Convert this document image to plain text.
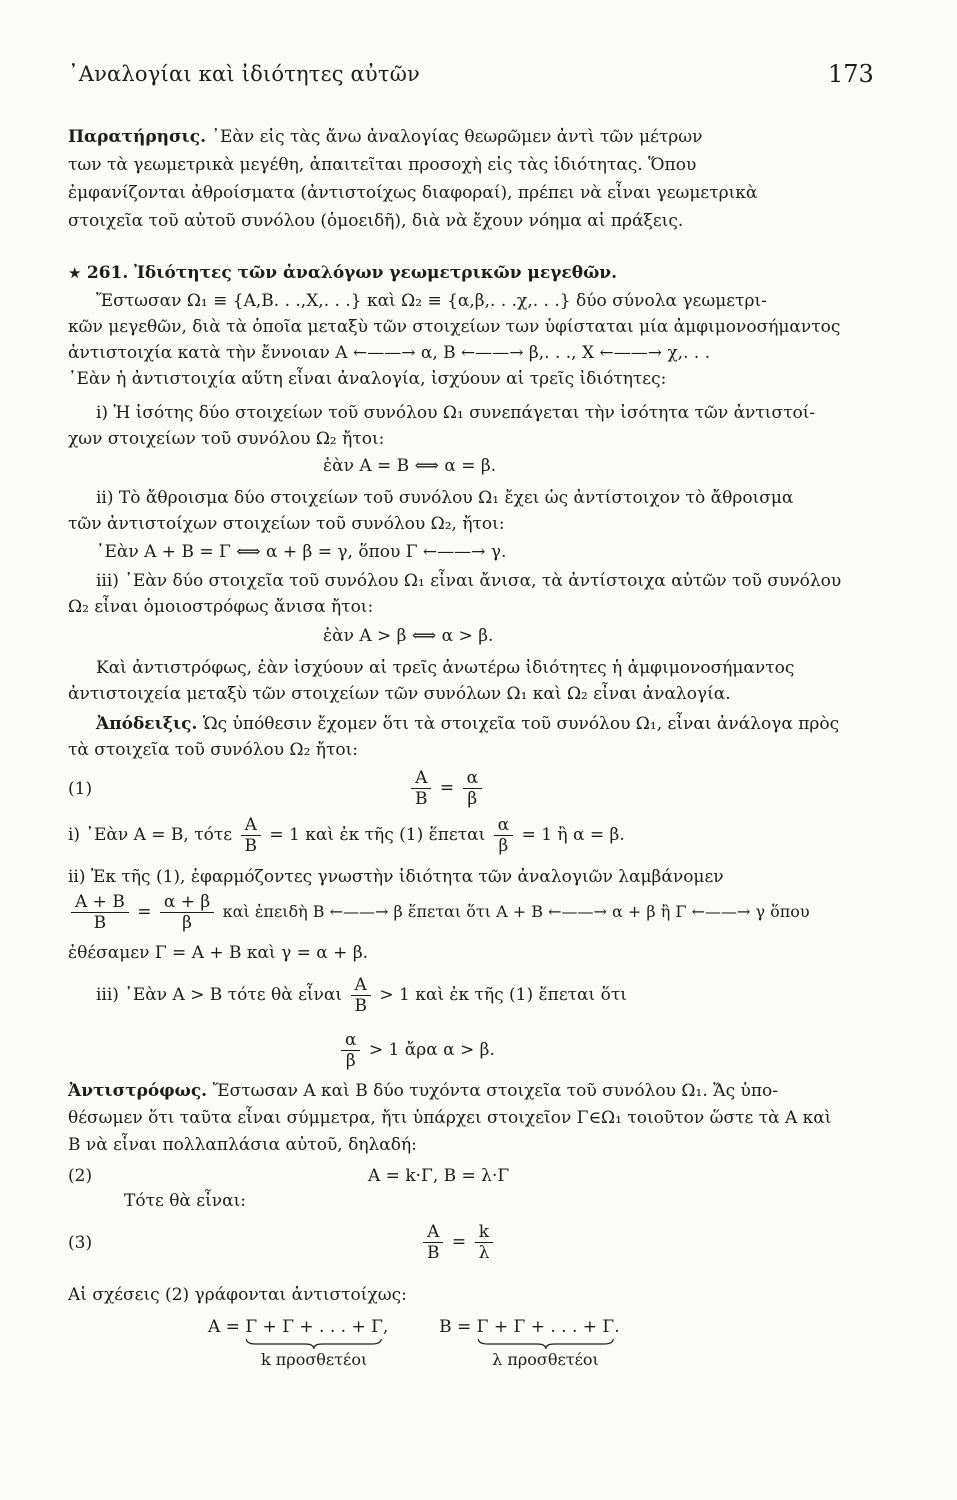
᾿Αναλογίαι καὶ ἰδιότητες αὐτῶν	173
Παρατήρησις. ᾿Εὰν εἰς τὰς ἄνω ἀναλογίας θεωρῶμεν ἀντὶ τῶν μέτρων
των τὰ γεωμετρικὰ μεγέθη, ἀπαιτεῖται προσοχὴ εἰς τὰς ἰδιότητας. Ὅπου
ἐμφανίζονται ἀθροίσματα (ἀντιστοίχως διαφοραί), πρέπει νὰ εἶναι γεωμετρικὰ
στοιχεῖα τοῦ αὐτοῦ συνόλου (ὁμοειδῆ), διὰ νὰ ἔχουν νόημα αἱ πράξεις.
★ 261. Ἰδιότητες τῶν ἀναλόγων γεωμετρικῶν μεγεθῶν.
Ἔστωσαν Ω₁ ≡ {Α,Β. . .,Χ,. . .} καὶ Ω₂ ≡ {α,β,. . .χ,. . .} δύο σύνολα γεωμετρι-
κῶν μεγεθῶν, διὰ τὰ ὁποῖα μεταξὺ τῶν στοιχείων των ὑφίσταται μία ἀμφιμονοσήμαντος
ἀντιστοιχία κατὰ τὴν ἔννοιαν Α ←——→ α, Β ←——→ β,. . ., Χ ←——→ χ,. . .
᾿Εὰν ἡ ἀντιστοιχία αὕτη εἶναι ἀναλογία, ἰσχύουν αἱ τρεῖς ἰδιότητες:
i) Ἡ ἰσότης δύο στοιχείων τοῦ συνόλου Ω₁ συνεπάγεται τὴν ἰσότητα τῶν ἀντιστοί-
χων στοιχείων τοῦ συνόλου Ω₂ ἤτοι:
ἐὰν Α = Β ⟺ α = β.
ii) Τὸ ἄθροισμα δύο στοιχείων τοῦ συνόλου Ω₁ ἔχει ὡς ἀντίστοιχον τὸ ἄθροισμα
τῶν ἀντιστοίχων στοιχείων τοῦ συνόλου Ω₂, ἤτοι:
᾿Εὰν Α + Β = Γ ⟺ α + β = γ, ὅπου Γ ←——→ γ.
iii) ᾿Εὰν δύο στοιχεῖα τοῦ συνόλου Ω₁ εἶναι ἄνισα, τὰ ἀντίστοιχα αὐτῶν τοῦ συνόλου
Ω₂ εἶναι ὁμοιοστρόφως ἄνισα ἤτοι:
ἐὰν Α > β ⟺ α > β.
Καὶ ἀντιστρόφως, ἐὰν ἰσχύουν αἱ τρεῖς ἀνωτέρω ἰδιότητες ἡ ἀμφιμονοσήμαντος
ἀντιστοιχεία μεταξὺ τῶν στοιχείων τῶν συνόλων Ω₁ καὶ Ω₂ εἶναι ἀναλογία.
Ἀπόδειξις. Ὡς ὑπόθεσιν ἔχομεν ὅτι τὰ στοιχεῖα τοῦ συνόλου Ω₁, εἶναι ἀνάλογα πρὸς
τὰ στοιχεῖα τοῦ συνόλου Ω₂ ἤτοι:
(1)	$\frac{A}{B} = \frac{\alpha}{\beta}$
i) ᾿Εὰν Α = Β, τότε $\frac{A}{B} = 1$ καὶ ἐκ τῆς (1) ἕπεται $\frac{\alpha}{\beta} = 1$ ἢ α = β.
ii) Ἐκ τῆς (1), ἐφαρμόζοντες γνωστὴν ἰδιότητα τῶν ἀναλογιῶν λαμβάνομεν
$\frac{A + B}{B} = \frac{\alpha + \beta}{\beta}$ καὶ ἐπειδὴ Β ←——→ β ἕπεται ὅτι Α + Β ←——→ α + β ἢ Γ ←——→ γ ὅπου
ἐθέσαμεν Γ = Α + Β καὶ γ = α + β.
iii) ᾿Εὰν Α > Β τότε θὰ εἶναι $\frac{A}{B} > 1$ καὶ ἐκ τῆς (1) ἕπεται ὅτι
$\frac{\alpha}{\beta} > 1$ ἄρα α > β.
Ἀντιστρόφως. Ἔστωσαν Α καὶ Β δύο τυχόντα στοιχεῖα τοῦ συνόλου Ω₁. Ἄς ὑπο-
θέσωμεν ὅτι ταῦτα εἶναι σύμμετρα, ἤτι ὑπάρχει στοιχεῖον Γ∈Ω₁ τοιοῦτον ὥστε τὰ Α καὶ
Β νὰ εἶναι πολλαπλάσια αὐτοῦ, δηλαδή:
(2)	Α = k·Γ, Β = λ·Γ
Τότε θὰ εἶναι:
(3)	$\frac{A}{B} = \frac{k}{\lambda}$
Αἱ σχέσεις (2) γράφονται ἀντιστοίχως:
Α = Γ + Γ + . . . + Γ
k προσθετέοι
,	Β = Γ + Γ + . . . + Γ
λ προσθετέοι
.
